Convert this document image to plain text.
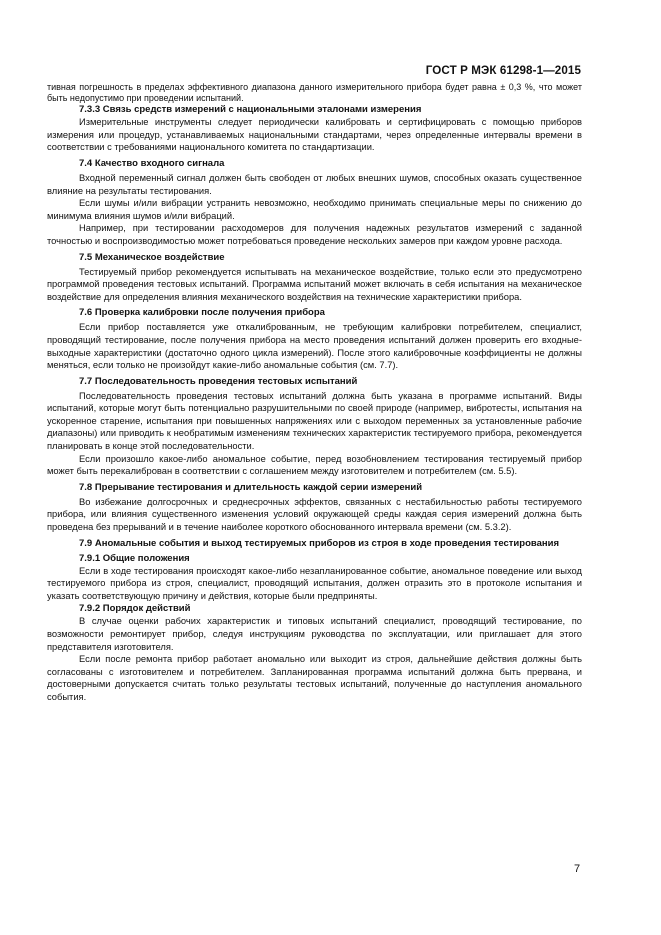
ГОСТ Р МЭК 61298-1—2015

тивная погрешность в пределах эффективного диапазона данного измерительного прибора будет равна ± 0,3 %, что может быть недопустимо при проведении испытаний.

7.3.3 Связь средств измерений с национальными эталонами измерения

Измерительные инструменты следует периодически калибровать и сертифицировать с помощью приборов измерения или процедур, устанавливаемых национальными стандартами, через определенные интервалы времени в соответствии с требованиями национального комитета по стандартизации.

7.4 Качество входного сигнала

Входной переменный сигнал должен быть свободен от любых внешних шумов, способных оказать существенное влияние на результаты тестирования.

Если шумы и/или вибрации устранить невозможно, необходимо принимать специальные меры по снижению до минимума влияния шумов и/или вибраций.

Например, при тестировании расходомеров для получения надежных результатов измерений с заданной точностью и воспроизводимостью может потребоваться проведение нескольких замеров при каждом уровне расхода.

7.5 Механическое воздействие

Тестируемый прибор рекомендуется испытывать на механическое воздействие, только если это предусмотрено программой проведения тестовых испытаний. Программа испытаний может включать в себя испытания на механическое воздействие для определения влияния механического воздействия на технические характеристики прибора.

7.6 Проверка калибровки после получения прибора

Если прибор поставляется уже откалиброванным, не требующим калибровки потребителем, специалист, проводящий тестирование, после получения прибора на место проведения испытаний должен проверить его входные-выходные характеристики (достаточно одного цикла измерений). После этого калибровочные коэффициенты не должны меняться, если только не произойдут какие-либо аномальные события (см. 7.7).

7.7 Последовательность проведения тестовых испытаний

Последовательность проведения тестовых испытаний должна быть указана в программе испытаний. Виды испытаний, которые могут быть потенциально разрушительными по своей природе (например, вибротесты, испытания на ускоренное старение, испытания при повышенных напряжениях или с выходом переменных за установленные рабочие диапазоны) или приводить к необратимым изменениям технических характеристик тестируемого прибора, рекомендуется планировать в конце этой последовательности.

Если произошло какое-либо аномальное событие, перед возобновлением тестирования тестируемый прибор может быть перекалиброван в соответствии с соглашением между изготовителем и потребителем (см. 5.5).

7.8 Прерывание тестирования и длительность каждой серии измерений

Во избежание долгосрочных и среднесрочных эффектов, связанных с нестабильностью работы тестируемого прибора, или влияния существенного изменения условий окружающей среды каждая серия измерений должна быть проведена без прерываний и в течение наиболее короткого обоснованного интервала времени (см. 5.3.2).

7.9 Аномальные события и выход тестируемых приборов из строя в ходе проведения тестирования
7.9.1 Общие положения

Если в ходе тестирования происходят какое-либо незапланированное событие, аномальное поведение или выход тестируемого прибора из строя, специалист, проводящий испытания, должен отразить это в протоколе испытания и указать соответствующую причину и действия, которые были предприняты.

7.9.2 Порядок действий

В случае оценки рабочих характеристик и типовых испытаний специалист, проводящий тестирование, по возможности ремонтирует прибор, следуя инструкциям руководства по эксплуатации, или приглашает для этого представителя изготовителя.

Если после ремонта прибор работает аномально или выходит из строя, дальнейшие действия должны быть согласованы с изготовителем и потребителем. Запланированная программа испытаний должна быть прервана, и достоверными допускается считать только результаты тестовых испытаний, полученные до наступления аномального события.

7
